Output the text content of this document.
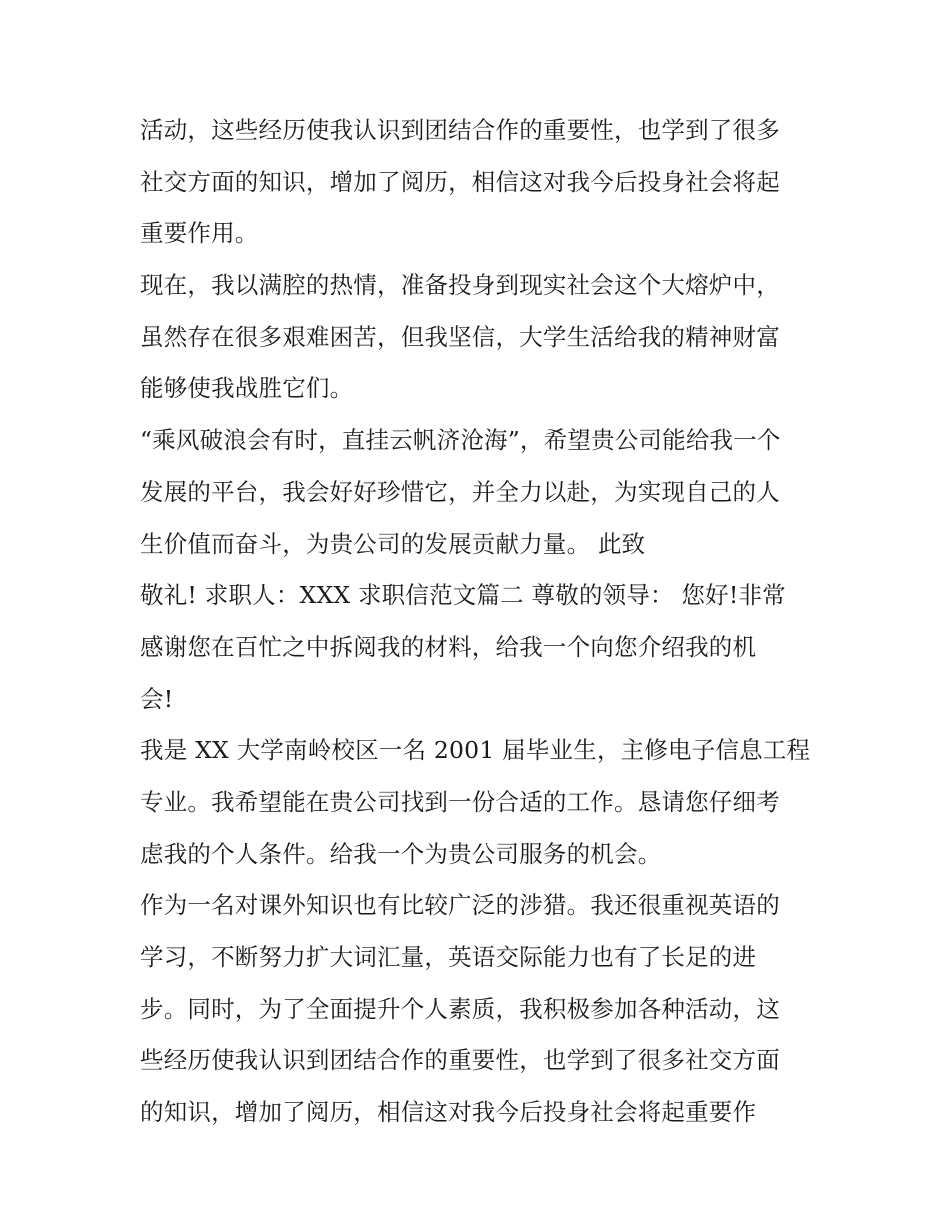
活动，这些经历使我认识到团结合作的重要性，也学到了很多
社交方面的知识，增加了阅历，相信这对我今后投身社会将起
重要作用。
现在，我以满腔的热情，准备投身到现实社会这个大熔炉中，
虽然存在很多艰难困苦，但我坚信，大学生活给我的精神财富
能够使我战胜它们。
“乘风破浪会有时，直挂云帆济沧海”，希望贵公司能给我一个
发展的平台，我会好好珍惜它，并全力以赴，为实现自己的人
生价值而奋斗，为贵公司的发展贡献力量。 此致
敬礼! 求职人：XXX 求职信范文篇二 尊敬的领导： 您好!非常
感谢您在百忙之中拆阅我的材料，给我一个向您介绍我的机
会!
我是 XX 大学南岭校区一名 2001 届毕业生，主修电子信息工程
专业。我希望能在贵公司找到一份合适的工作。恳请您仔细考
虑我的个人条件。给我一个为贵公司服务的机会。
作为一名对课外知识也有比较广泛的涉猎。我还很重视英语的
学习，不断努力扩大词汇量，英语交际能力也有了长足的进
步。同时，为了全面提升个人素质，我积极参加各种活动，这
些经历使我认识到团结合作的重要性，也学到了很多社交方面
的知识，增加了阅历，相信这对我今后投身社会将起重要作
